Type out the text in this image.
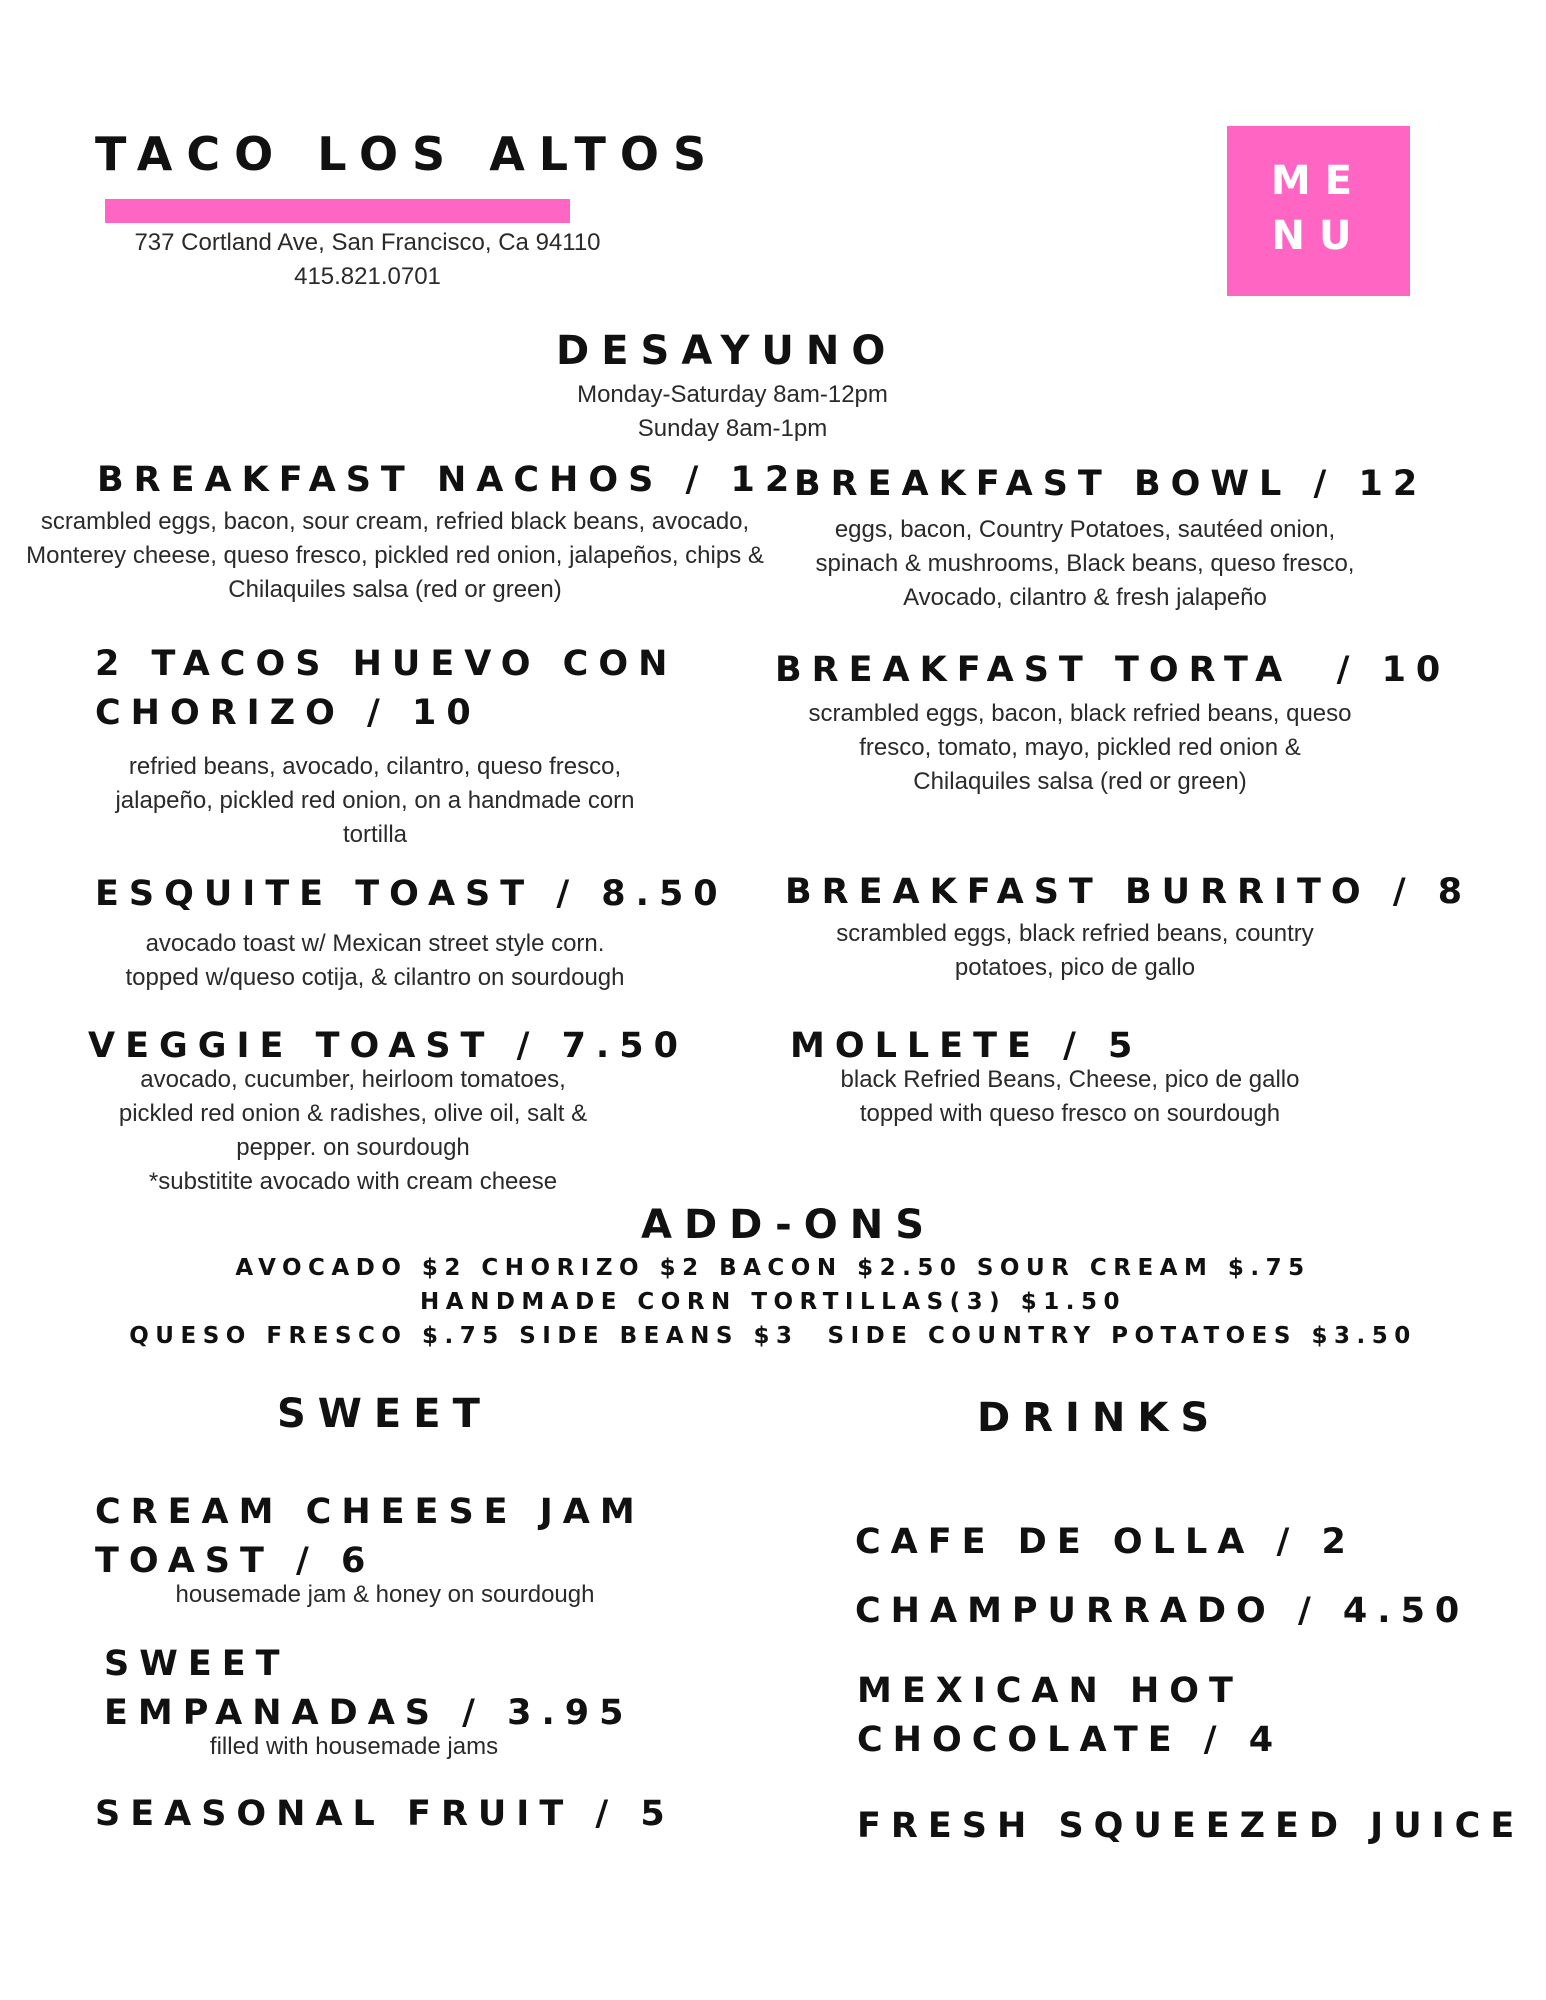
TACO LOS ALTOS

737 Cortland Ave, San Francisco, Ca 94110
415.821.0701

ME
NU
DESAYUNO

Monday-Saturday 8am-12pm
Sunday 8am-1pm

BREAKFAST NACHOS / 12

scrambled eggs, bacon, sour cream, refried black beans, avocado,
Monterey cheese, queso fresco, pickled red onion, jalapeños, chips &
Chilaquiles salsa (red or green)

BREAKFAST BOWL / 12

eggs, bacon, Country Potatoes, sautéed onion,
spinach & mushrooms, Black beans, queso fresco,
Avocado, cilantro & fresh jalapeño

2 TACOS HUEVO CON
CHORIZO / 10

refried beans, avocado, cilantro, queso fresco,
jalapeño, pickled red onion, on a handmade corn
tortilla

BREAKFAST TORTA  / 10

scrambled eggs, bacon, black refried beans, queso
fresco, tomato, mayo, pickled red onion &
Chilaquiles salsa (red or green)

ESQUITE TOAST / 8.50

avocado toast w/ Mexican street style corn.
topped w/queso cotija, & cilantro on sourdough

BREAKFAST BURRITO / 8

scrambled eggs, black refried beans, country
potatoes, pico de gallo

VEGGIE TOAST / 7.50

avocado, cucumber, heirloom tomatoes,
pickled red onion & radishes, olive oil, salt &
pepper. on sourdough
*substitite avocado with cream cheese

MOLLETE / 5

black Refried Beans, Cheese, pico de gallo
topped with queso fresco on sourdough

ADD-ONS
AVOCADO $2 CHORIZO $2 BACON $2.50 SOUR CREAM $.75
HANDMADE CORN TORTILLAS(3) $1.50
QUESO FRESCO $.75 SIDE BEANS $3  SIDE COUNTRY POTATOES $3.50
SWEET
CREAM CHEESE JAM
TOAST / 6

housemade jam & honey on sourdough

SWEET
EMPANADAS / 3.95

filled with housemade jams

SEASONAL FRUIT / 5
DRINKS
CAFE DE OLLA / 2
CHAMPURRADO / 4.50
MEXICAN HOT
CHOCOLATE / 4
FRESH SQUEEZED JUICE
